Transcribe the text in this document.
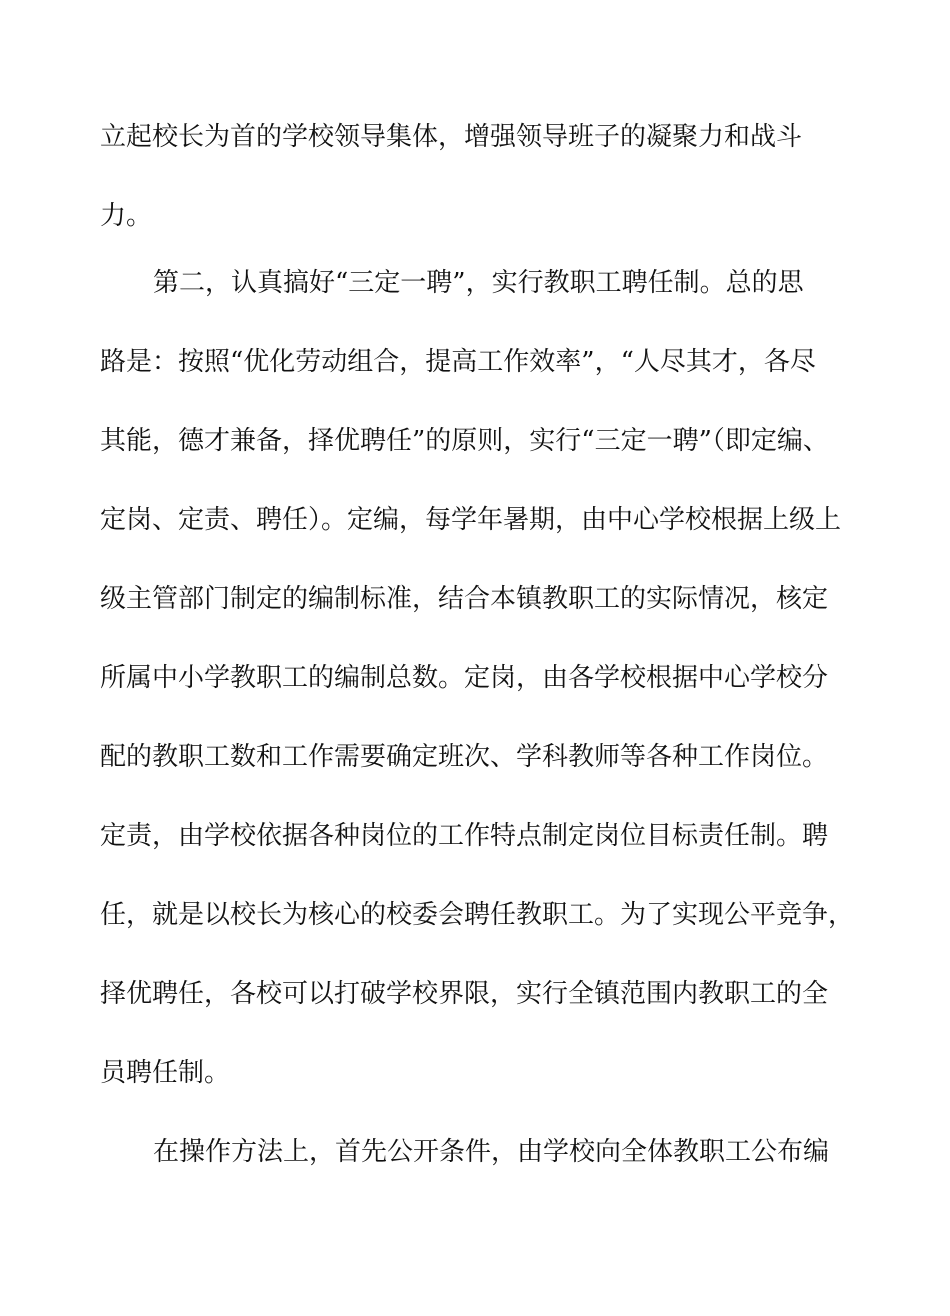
立起校长为首的学校领导集体，增强领导班子的凝聚力和战斗
力。
第二，认真搞好“三定一聘”，实行教职工聘任制。总的思
路是：按照“优化劳动组合，提高工作效率”，“人尽其才，各尽
其能，德才兼备，择优聘任”的原则，实行“三定一聘”（即定编、
定岗、定责、聘任）。定编，每学年暑期，由中心学校根据上级上
级主管部门制定的编制标准，结合本镇教职工的实际情况，核定
所属中小学教职工的编制总数。定岗，由各学校根据中心学校分
配的教职工数和工作需要确定班次、学科教师等各种工作岗位。
定责，由学校依据各种岗位的工作特点制定岗位目标责任制。聘
任，就是以校长为核心的校委会聘任教职工。为了实现公平竞争，
择优聘任，各校可以打破学校界限，实行全镇范围内教职工的全
员聘任制。
在操作方法上，首先公开条件，由学校向全体教职工公布编
